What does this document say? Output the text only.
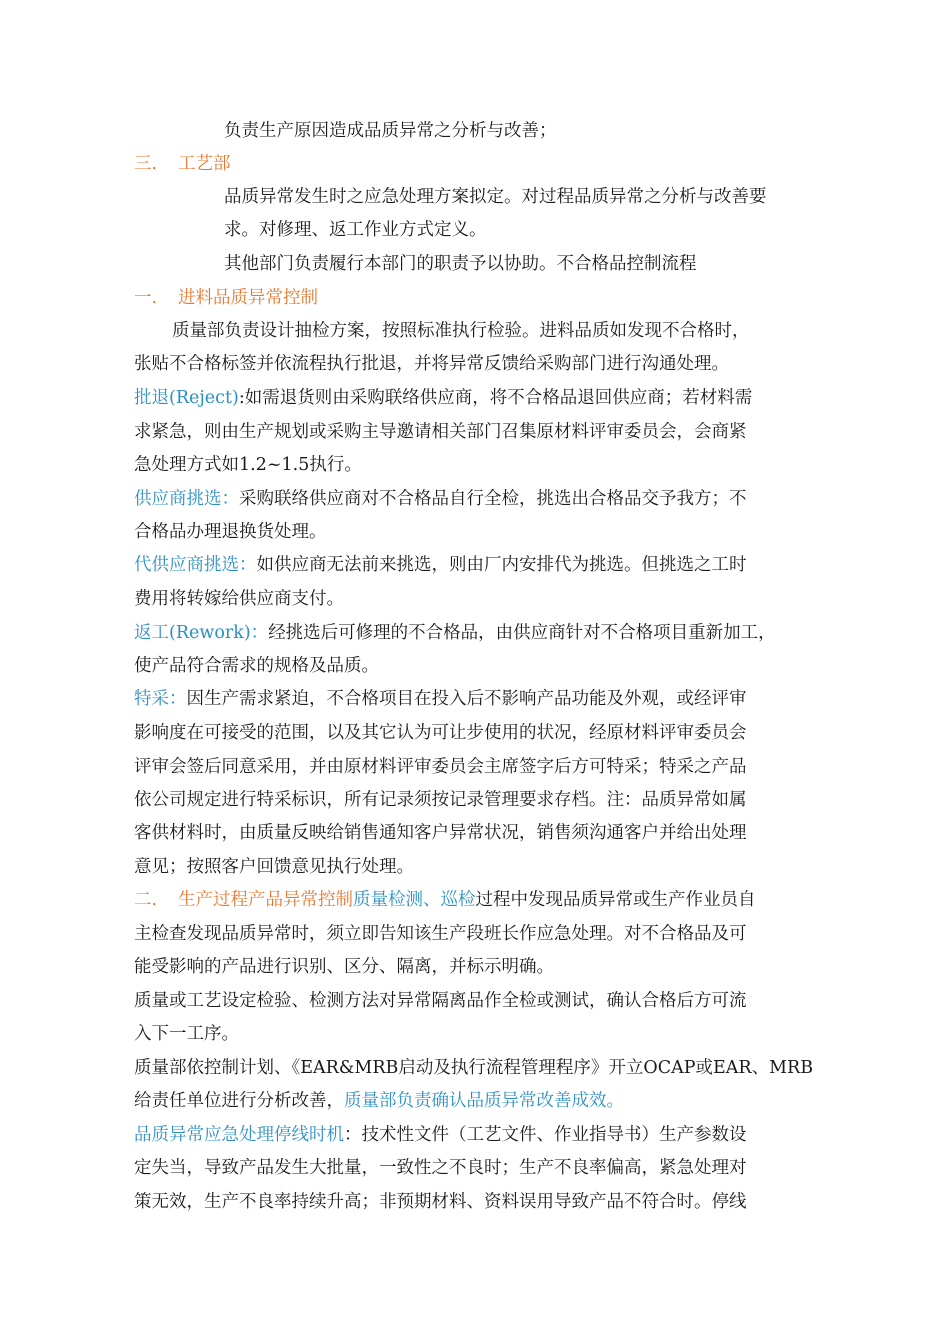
负责生产原因造成品质异常之分析与改善；
三. 工艺部
品质异常发生时之应急处理方案拟定。对过程品质异常之分析与改善要
求。对修理、返工作业方式定义。
其他部门负责履行本部门的职责予以协助。不合格品控制流程
一. 进料品质异常控制
质量部负责设计抽检方案，按照标准执行检验。进料品质如发现不合格时，
张贴不合格标签并依流程执行批退，并将异常反馈给采购部门进行沟通处理。
批退(Reject):如需退货则由采购联络供应商，将不合格品退回供应商；若材料需
求紧急，则由生产规划或采购主导邀请相关部门召集原材料评审委员会，会商紧
急处理方式如1.2~1.5执行。
供应商挑选：采购联络供应商对不合格品自行全检，挑选出合格品交予我方；不
合格品办理退换货处理。
代供应商挑选：如供应商无法前来挑选，则由厂内安排代为挑选。但挑选之工时
费用将转嫁给供应商支付。
返工(Rework)：经挑选后可修理的不合格品，由供应商针对不合格项目重新加工，
使产品符合需求的规格及品质。
特采：因生产需求紧迫，不合格项目在投入后不影响产品功能及外观，或经评审
影响度在可接受的范围，以及其它认为可让步使用的状况，经原材料评审委员会
评审会签后同意采用，并由原材料评审委员会主席签字后方可特采；特采之产品
依公司规定进行特采标识，所有记录须按记录管理要求存档。注：品质异常如属
客供材料时，由质量反映给销售通知客户异常状况，销售须沟通客户并给出处理
意见；按照客户回馈意见执行处理。
二. 生产过程产品异常控制质量检测、巡检过程中发现品质异常或生产作业员自
主检查发现品质异常时，须立即告知该生产段班长作应急处理。对不合格品及可
能受影响的产品进行识别、区分、隔离，并标示明确。
质量或工艺设定检验、检测方法对异常隔离品作全检或测试，确认合格后方可流
入下一工序。
质量部依控制计划、《EAR&MRB启动及执行流程管理程序》开立OCAP或EAR、MRB
给责任单位进行分析改善，质量部负责确认品质异常改善成效。
品质异常应急处理停线时机：技术性文件（工艺文件、作业指导书）生产参数设
定失当，导致产品发生大批量，一致性之不良时；生产不良率偏高，紧急处理对
策无效，生产不良率持续升高；非预期材料、资料误用导致产品不符合时。停线
